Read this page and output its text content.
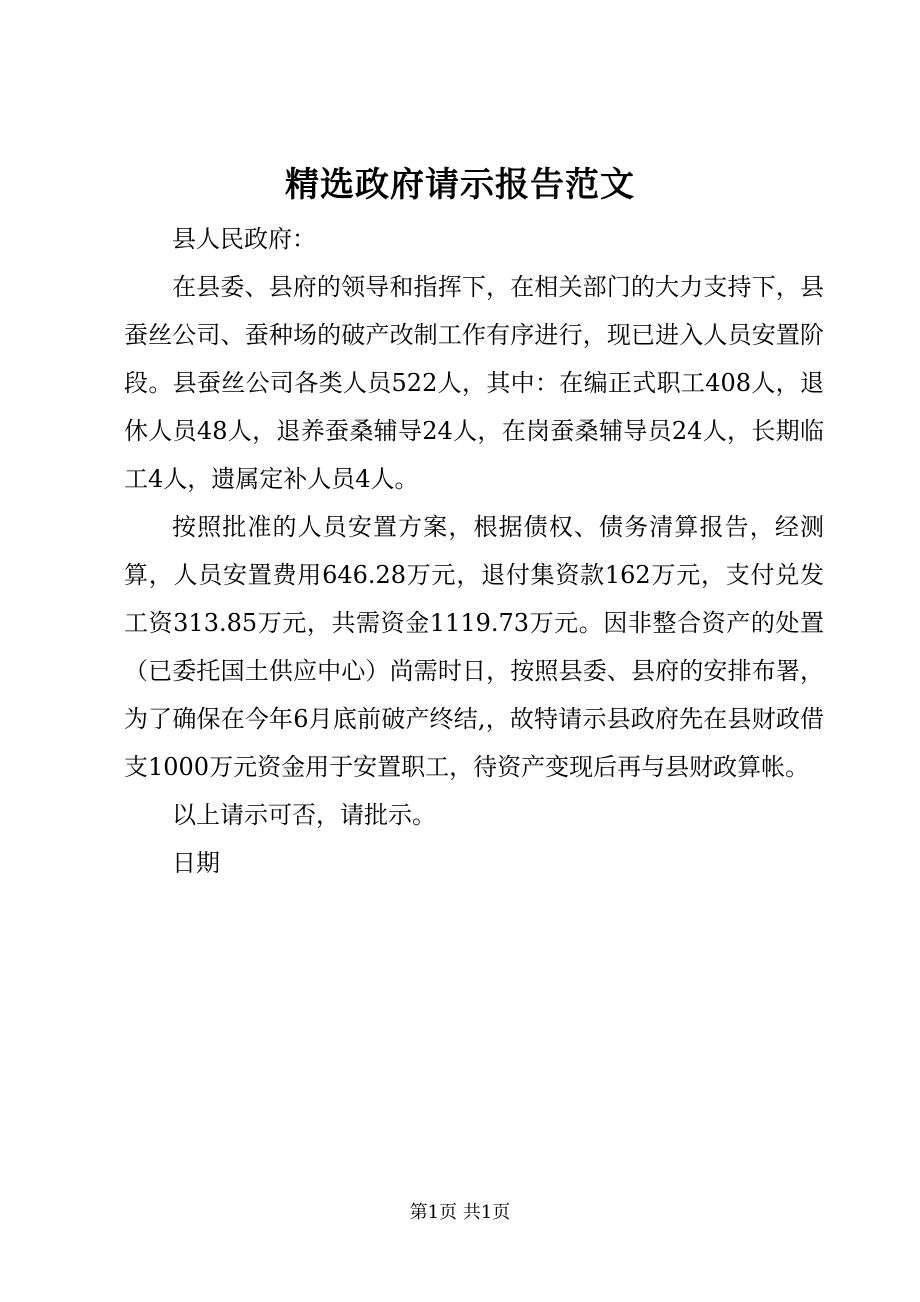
精选政府请示报告范文

县人民政府：

在县委、县府的领导和指挥下，在相关部门的大力支持下，县蚕丝公司、蚕种场的破产改制工作有序进行，现已进入人员安置阶段。县蚕丝公司各类人员522人，其中：在编正式职工408人，退休人员48人，退养蚕桑辅导24人，在岗蚕桑辅导员24人，长期临工4人，遗属定补人员4人。

按照批准的人员安置方案，根据债权、债务清算报告，经测算，人员安置费用646.28万元，退付集资款162万元，支付兑发工资313.85万元，共需资金1119.73万元。因非整合资产的处置（已委托国土供应中心）尚需时日，按照县委、县府的安排布署，为了确保在今年6月底前破产终结,，故特请示县政府先在县财政借支1000万元资金用于安置职工，待资产变现后再与县财政算帐。

以上请示可否，请批示。

日期

第1页 共1页
